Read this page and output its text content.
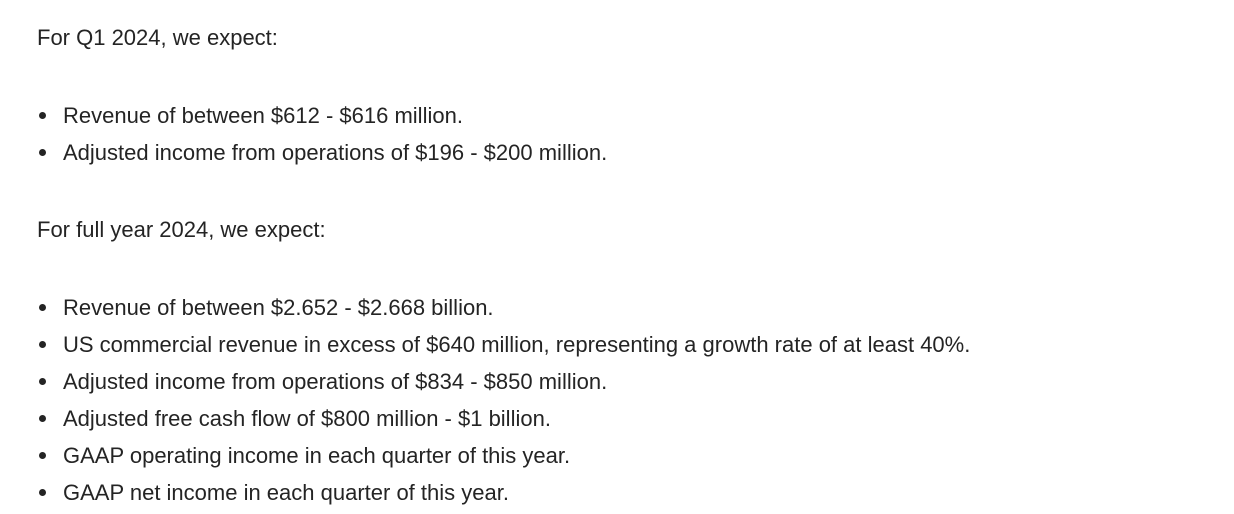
For Q1 2024, we expect:

Revenue of between $612 - $616 million.
Adjusted income from operations of $196 - $200 million.

For full year 2024, we expect:

Revenue of between $2.652 - $2.668 billion.
US commercial revenue in excess of $640 million, representing a growth rate of at least 40%.
Adjusted income from operations of $834 - $850 million.
Adjusted free cash flow of $800 million - $1 billion.
GAAP operating income in each quarter of this year.
GAAP net income in each quarter of this year.
